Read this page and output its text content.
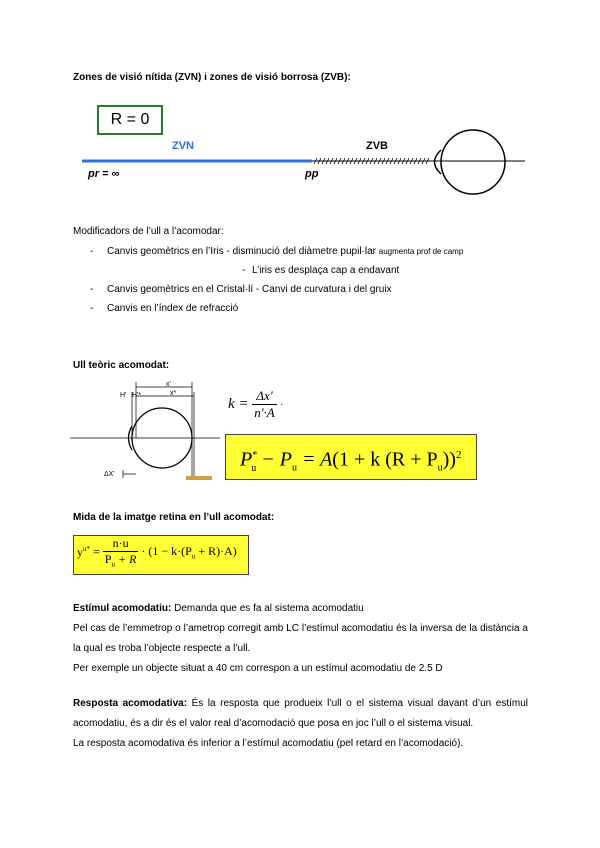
Zones de visió nítida (ZVN) i zones de visió borrosa (ZVB):
R = 0
ZVN	ZVB
pr = ∞	pp
Modificadors de l’ull a l’acomodar:
- Canvis geomètrics en l’Iris - disminució del diàmetre pupil·lar augmenta prof de camp
- L’iris es desplaça cap a endavant
- Canvis geomètrics en el Cristal·lí - Canvi de curvatura i del gruix
- Canvis en l’índex de refracció
Ull teòric acomodat:
x'
x*
H' H'*
ΔX'
$k = \frac{\Delta x'}{n'\cdot A}$ ·
$P^*_u - P_u = A(1 + k$ $(R + P_u))^2$
Mida de la imatge retina en l’ull acomodat:
$y^{u*} = \frac{n\cdot u}{P_u + R} \cdot (1 - k\cdot(P_u + R)\cdot A)$

Estímul acomodatiu: Demanda que es fa al sistema acomodatiu

Pel cas de l’emmetrop o l’ametrop corregit amb LC l’estímul acomodatiu és la inversa de la distància a la qual es troba l’objecte respecte a l’ull.

Per exemple un objecte situat a 40 cm correspon a un estímul acomodatiu de 2.5 D

Resposta acomodativa: És la resposta que produeix l’ull o el sistema visual davant d’un estímul acomodatiu, és a dir és el valor real d’acomodació que posa en joc l’ull o el sistema visual.

La resposta acomodativa és inferior a l’estímul acomodatiu (pel retard en l’acomodació).
